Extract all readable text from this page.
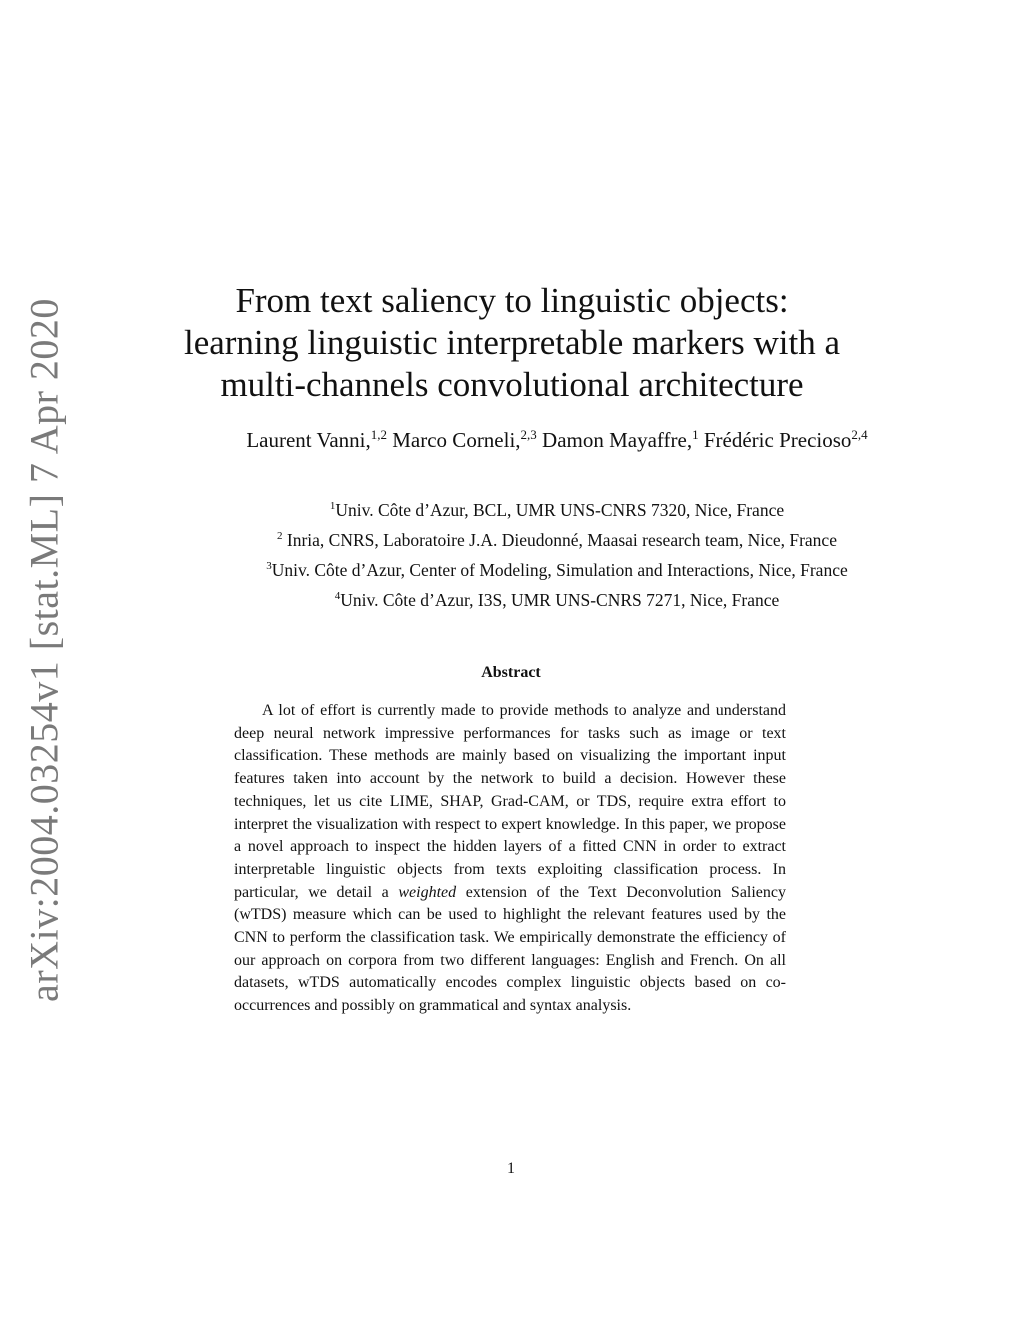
arXiv:2004.03254v1 [stat.ML] 7 Apr 2020	From text saliency to linguistic objects:
learning linguistic interpretable markers with a
multi-channels convolutional architecture
Laurent Vanni,$^{1,2}$ Marco Corneli,$^{2,3}$ Damon Mayaffre,$^1$ Frédéric Precioso$^{2,4}$
$^1$Univ. Côte d’Azur, BCL, UMR UNS-CNRS 7320, Nice, France
$^2$ Inria, CNRS, Laboratoire J.A. Dieudonné, Maasai research team, Nice, France
$^3$Univ. Côte d’Azur, Center of Modeling, Simulation and Interactions, Nice, France
$^4$Univ. Côte d’Azur, I3S, UMR UNS-CNRS 7271, Nice, France
Abstract

A lot of effort is currently made to provide methods to analyze and understand deep neural network impressive performances for tasks such as image or text classification. These methods are mainly based on visualizing the important input features taken into account by the network to build a decision. However these techniques, let us cite LIME, SHAP, Grad-CAM, or TDS, require extra effort to interpret the visualization with respect to expert knowledge. In this paper, we propose a novel approach to inspect the hidden layers of a fitted CNN in order to extract interpretable linguistic objects from texts exploiting classification process. In particular, we detail a weighted extension of the Text Deconvolution Saliency (wTDS) measure which can be used to highlight the relevant features used by the CNN to perform the classification task. We empirically demonstrate the efficiency of our approach on corpora from two different languages: English and French. On all datasets, wTDS automatically encodes complex linguistic objects based on co-occurrences and possibly on grammatical and syntax analysis.

1
